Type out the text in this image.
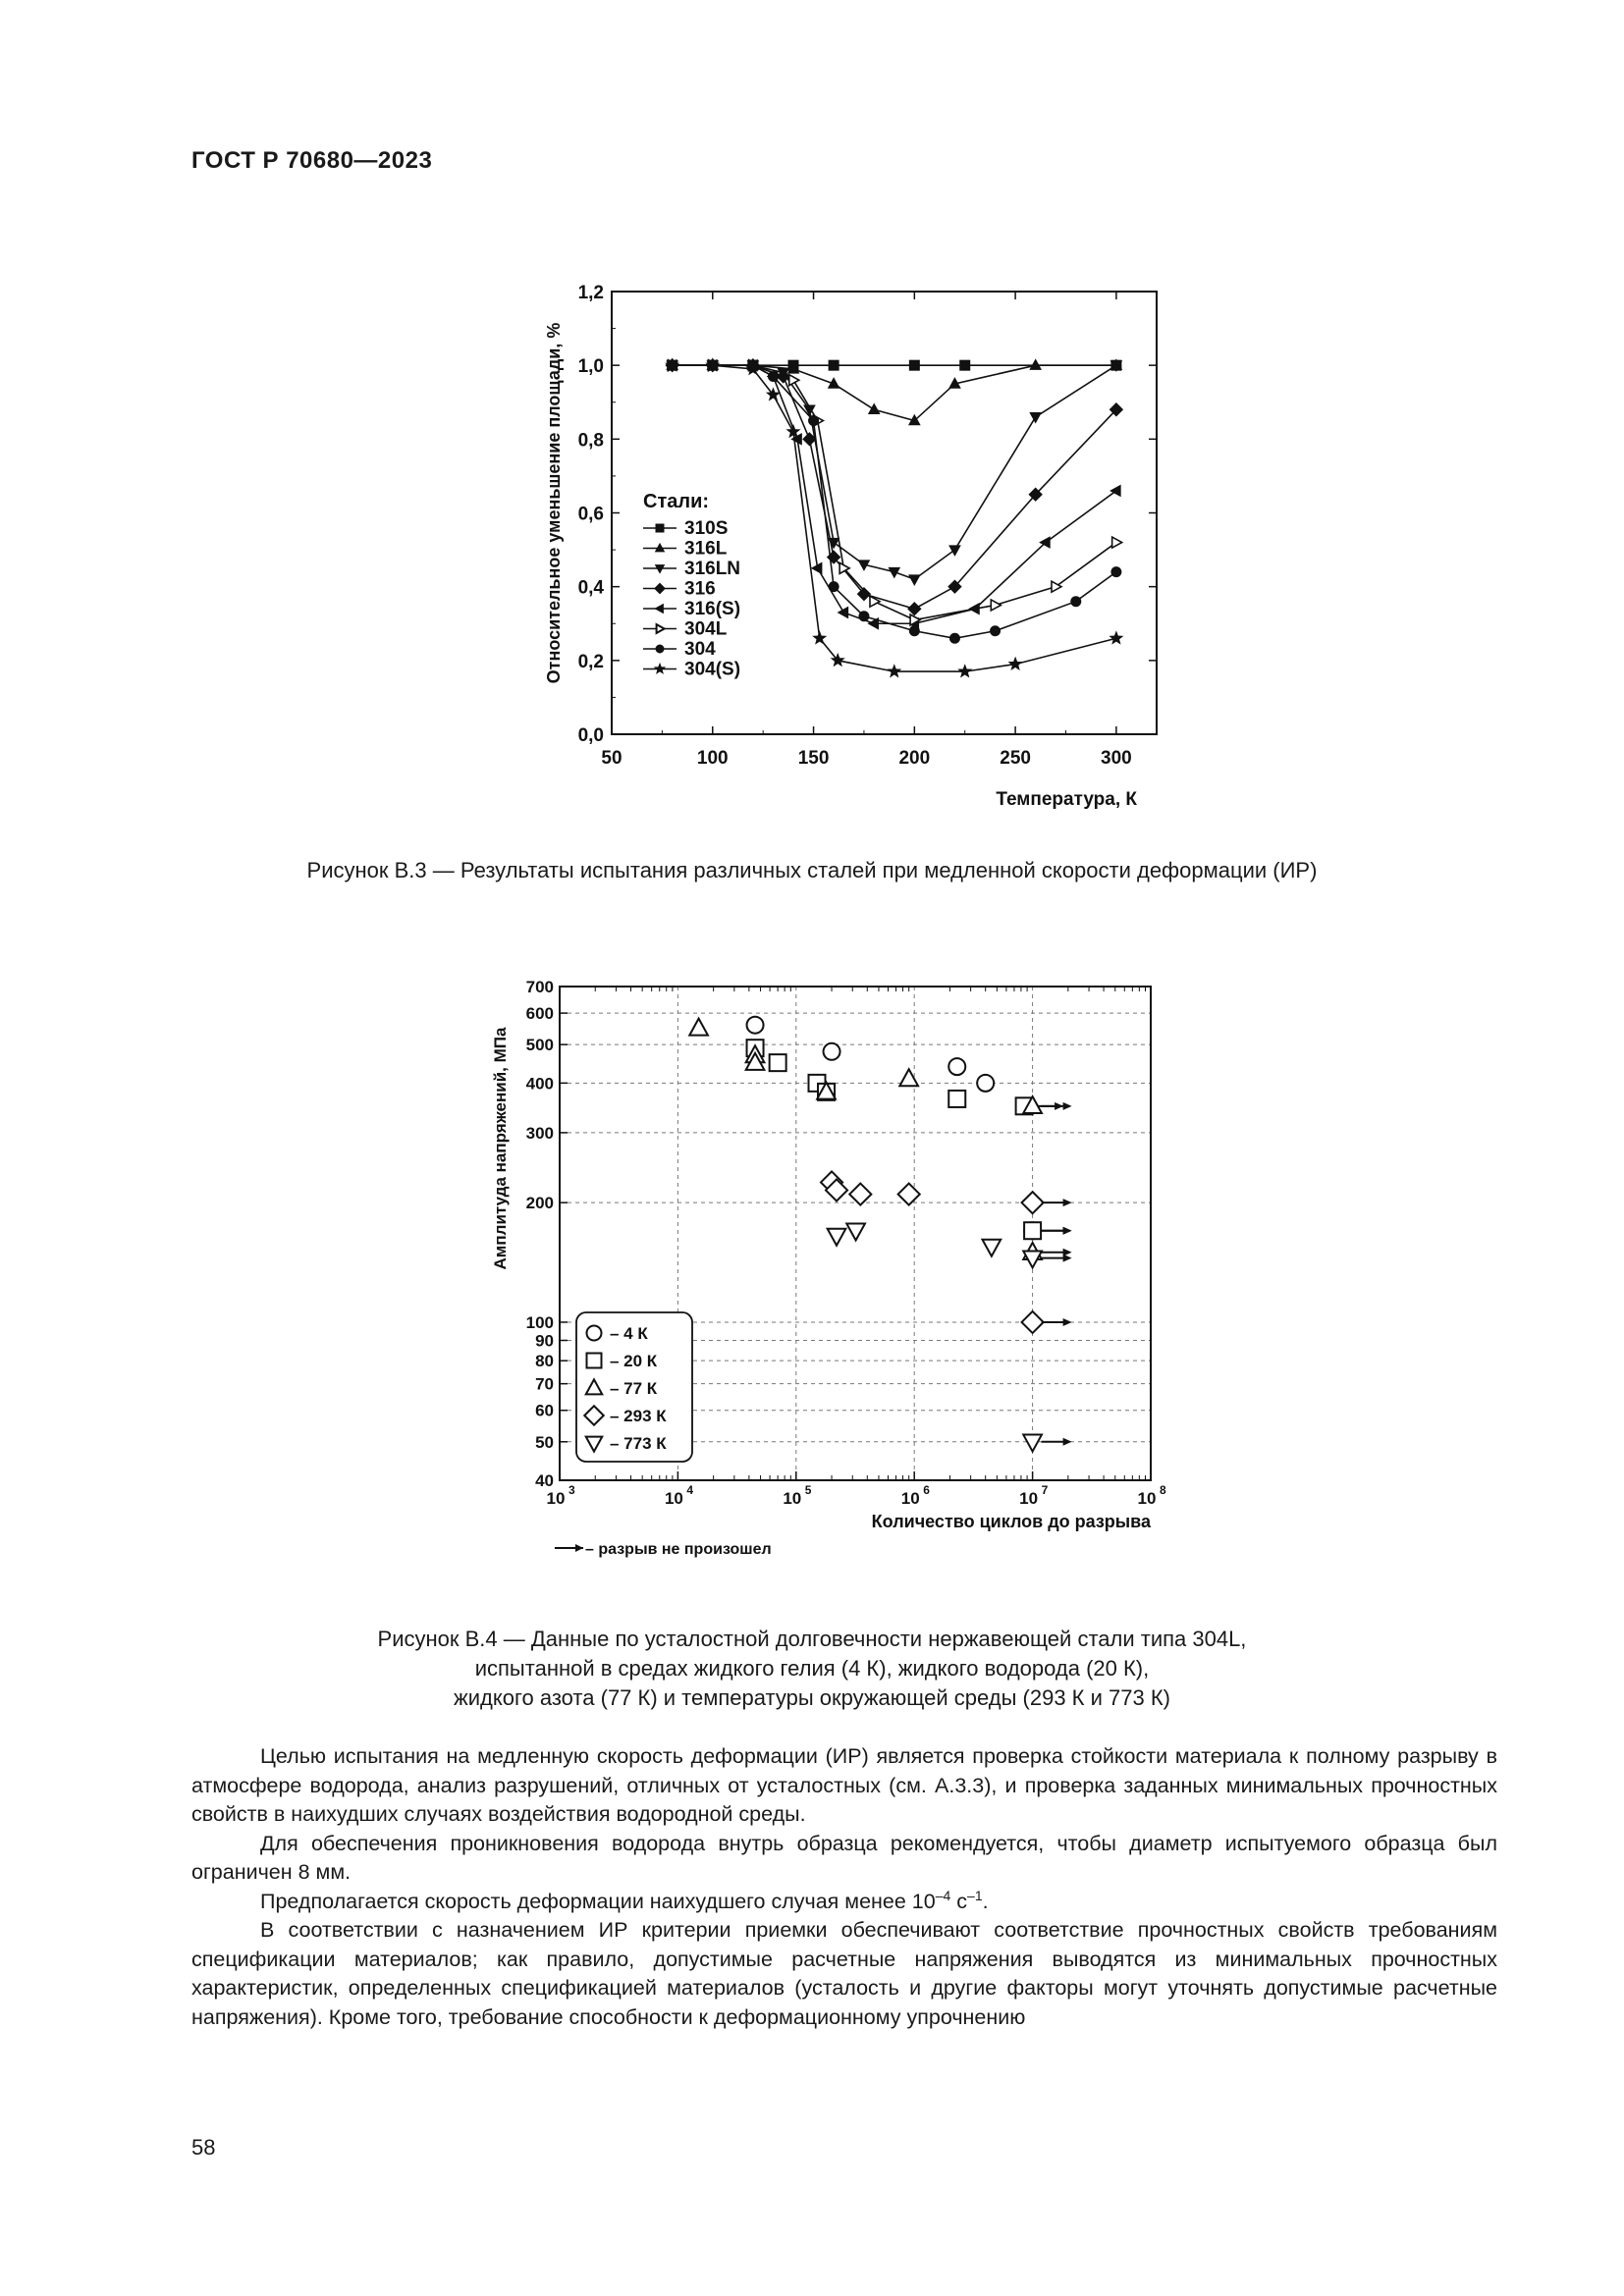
ГОСТ Р 70680—2023
50	100	150	200	250	300
0,0
0,2
0,4
0,6
0,8
1,0
1,2
Температура, К
Относительное уменьшение площади, %	Стали:
310S
316L
316LN
316
316(S)
304L
304
304(S)
Рисунок В.3 — Результаты испытания различных сталей при медленной скорости деформации (ИР)
40
50
60
70
80
90
100
200
300
400
500
600
700
10 3	10 4	10 5	10 6	10 7	10 8
Количество циклов до разрыва
Амплитуда напряжений, МПа
– 4 К
– 20 К
– 77 К
– 293 К
– 773 К
– разрыв не произошел
Рисунок В.4 — Данные по усталостной долговечности нержавеющей стали типа 304L,
испытанной в средах жидкого гелия (4 К), жидкого водорода (20 К),
жидкого азота (77 К) и температуры окружающей среды (293 К и 773 К)

Целью испытания на медленную скорость деформации (ИР) является проверка стойкости материала к полному разрыву в атмосфере водорода, анализ разрушений, отличных от усталостных (см. А.3.3), и проверка заданных минимальных прочностных свойств в наихудших случаях воздействия водородной среды.

Для обеспечения проникновения водорода внутрь образца рекомендуется, чтобы диаметр испытуемого образца был ограничен 8 мм.

Предполагается скорость деформации наихудшего случая менее $10^{-4}$ $с^{-1}$.

В соответствии с назначением ИР критерии приемки обеспечивают соответствие прочностных свойств требованиям спецификации материалов; как правило, допустимые расчетные напряжения выводятся из минимальных прочностных характеристик, определенных спецификацией материалов (усталость и другие факторы могут уточнять допустимые расчетные напряжения). Кроме того, требование способности к деформационному упрочнению

58
